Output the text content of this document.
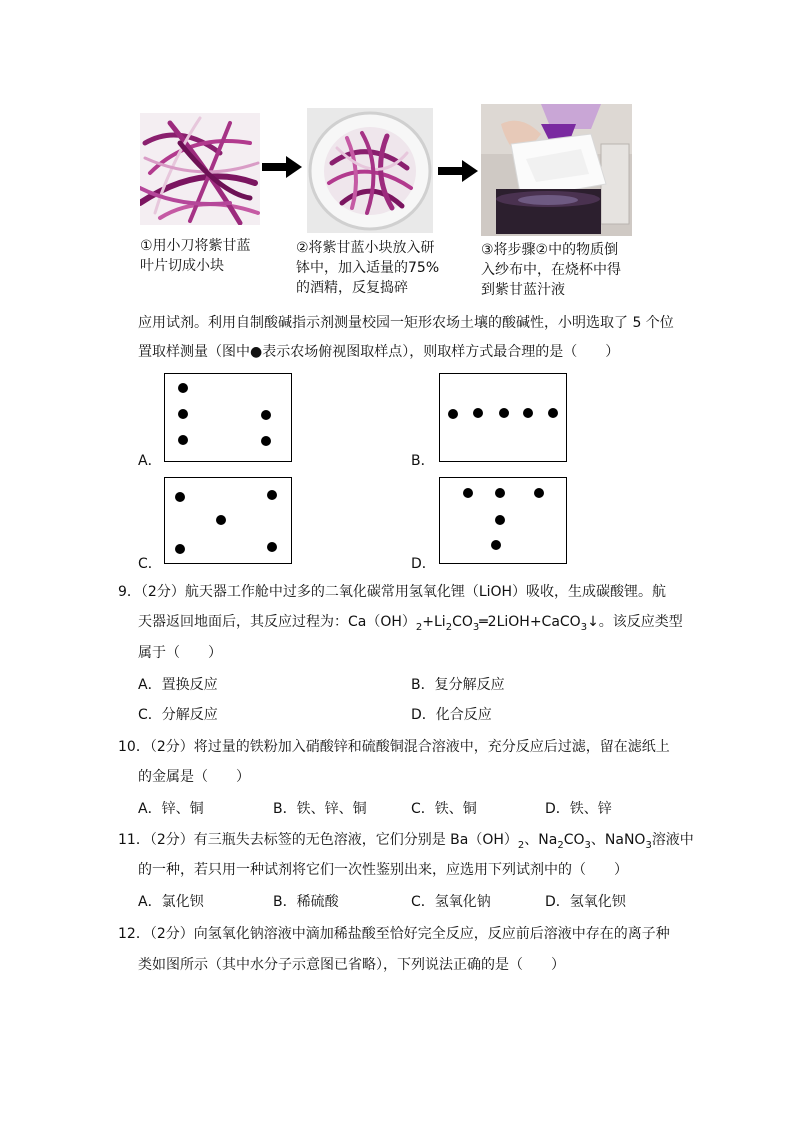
①用小刀将紫甘蓝
叶片切成小块
②将紫甘蓝小块放入研
钵中，加入适量的75%
的酒精，反复捣碎
③将步骤②中的物质倒
入纱布中，在烧杯中得
到紫甘蓝汁液
应用试剂。利用自制酸碱指示剂测量校园一矩形农场土壤的酸碱性，小明选取了 5 个位
置取样测量（图中●表示农场俯视图取样点），则取样方式最合理的是（　　）
A．	B．
C．	D．
9．（2分）航天器工作舱中过多的二氧化碳常用氢氧化锂（LiOH）吸收，生成碳酸锂。航
天器返回地面后，其反应过程为：$Ca(OH)_2+Li_2CO_3═2LiOH+CaCO_3↓$。该反应类型
属于（　　）
A．置换反应	B．复分解反应
C．分解反应	D．化合反应
10．（2分）将过量的铁粉加入硝酸锌和硫酸铜混合溶液中，充分反应后过滤，留在滤纸上
的金属是（　　）
A．锌、铜	B．铁、锌、铜	C．铁、铜	D．铁、锌
11．（2分）有三瓶失去标签的无色溶液，它们分别是 $Ba(OH)_2$、$Na_2CO_3$、NaNO$_3$溶液中
的一种，若只用一种试剂将它们一次性鉴别出来，应选用下列试剂中的（　　）
A．氯化钡	B．稀硫酸	C．氢氧化钠	D．氢氧化钡
12．（2分）向氢氧化钠溶液中滴加稀盐酸至恰好完全反应，反应前后溶液中存在的离子种
类如图所示（其中水分子示意图已省略），下列说法正确的是（　　）
